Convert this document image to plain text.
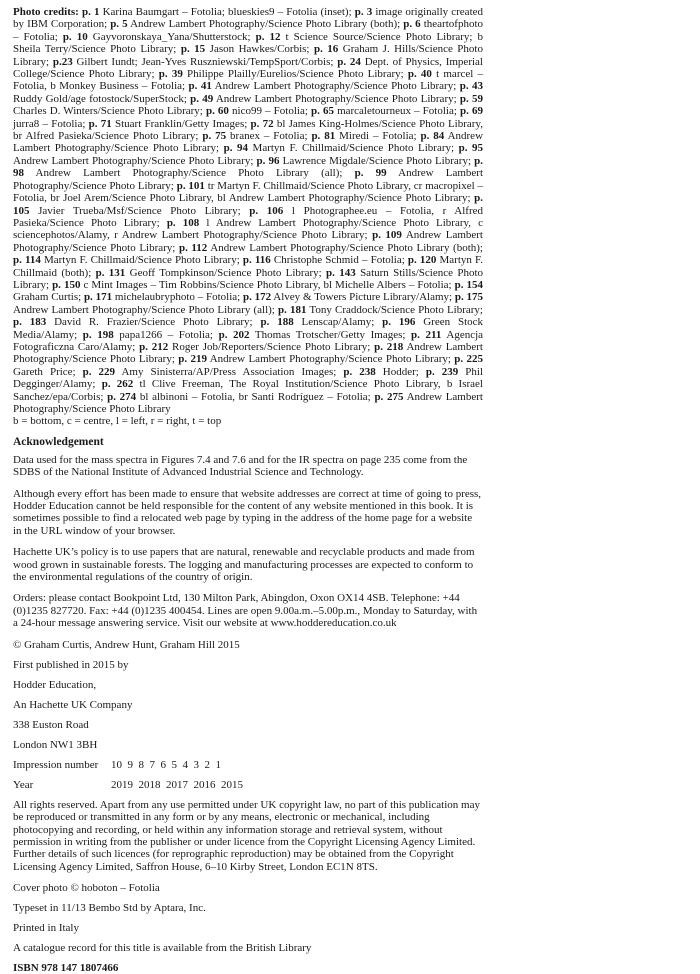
Photo credits: p. 1 Karina Baumgart – Fotolia; blueskies9 – Fotolia (inset); p. 3 image originally created by IBM Corporation; p. 5 Andrew Lambert Photography/Science Photo Library (both); p. 6 theartofphoto – Fotolia; p. 10 Gayvoronskaya_Yana/Shutterstock; p. 12 t Science Source/Science Photo Library; b Sheila Terry/Science Photo Library; p. 15 Jason Hawkes/Corbis; p. 16 Graham J. Hills/Science Photo Library; p.23 Gilbert Iundt; Jean-Yves Ruszniewski/TempSport/Corbis; p. 24 Dept. of Physics, Imperial College/Science Photo Library; p. 39 Philippe Plailly/Eurelios/Science Photo Library; p. 40 t marcel – Fotolia, b Monkey Business – Fotolia; p. 41 Andrew Lambert Photography/Science Photo Library; p. 43 Ruddy Gold/age fotostock/SuperStock; p. 49 Andrew Lambert Photography/Science Photo Library; p. 59 Charles D. Winters/Science Photo Library; p. 60 nico99 – Fotolia; p. 65 marcaletourneux – Fotolia; p. 69 jurra8 – Fotolia; p. 71 Stuart Franklin/Getty Images; p. 72 bl James King-Holmes/Science Photo Library, br Alfred Pasieka/Science Photo Library; p. 75 branex – Fotolia; p. 81 Miredi – Fotolia; p. 84 Andrew Lambert Photography/Science Photo Library; p. 94 Martyn F. Chillmaid/Science Photo Library; p. 95 Andrew Lambert Photography/Science Photo Library; p. 96 Lawrence Migdale/Science Photo Library; p. 98 Andrew Lambert Photography/Science Photo Library (all); p. 99 Andrew Lambert Photography/Science Photo Library; p. 101 tr Martyn F. Chillmaid/Science Photo Library, cr macropixel – Fotolia, br Joel Arem/Science Photo Library, bl Andrew Lambert Photography/Science Photo Library; p. 105 Javier Trueba/Msf/Science Photo Library; p. 106 l Photographee.eu – Fotolia, r Alfred Pasieka/Science Photo Library; p. 108 l Andrew Lambert Photography/Science Photo Library, c sciencephotos/Alamy, r Andrew Lambert Photography/Science Photo Library; p. 109 Andrew Lambert Photography/Science Photo Library; p. 112 Andrew Lambert Photography/Science Photo Library (both); p. 114 Martyn F. Chillmaid/Science Photo Library; p. 116 Christophe Schmid – Fotolia; p. 120 Martyn F. Chillmaid (both); p. 131 Geoff Tompkinson/Science Photo Library; p. 143 Saturn Stills/Science Photo Library; p. 150 c Mint Images – Tim Robbins/Science Photo Library, bl Michelle Albers – Fotolia; p. 154 Graham Curtis; p. 171 michelaubryphoto – Fotolia; p. 172 Alvey & Towers Picture Library/Alamy; p. 175 Andrew Lambert Photography/Science Photo Library (all); p. 181 Tony Craddock/Science Photo Library; p. 183 David R. Frazier/Science Photo Library; p. 188 Lenscap/Alamy; p. 196 Green Stock Media/Alamy; p. 198 papa1266 – Fotolia; p. 202 Thomas Trotscher/Getty Images; p. 211 Agencja Fotograficzna Caro/Alamy; p. 212 Roger Job/Reporters/Science Photo Library; p. 218 Andrew Lambert Photography/Science Photo Library; p. 219 Andrew Lambert Photography/Science Photo Library; p. 225 Gareth Price; p. 229 Amy Sinisterra/AP/Press Association Images; p. 238 Hodder; p. 239 Phil Degginger/Alamy; p. 262 tl Clive Freeman, The Royal Institution/Science Photo Library, b Israel Sanchez/epa/Corbis; p. 274 bl albinoni – Fotolia, br Santi Rodríguez – Fotolia; p. 275 Andrew Lambert Photography/Science Photo Library
b = bottom, c = centre, l = left, r = right, t = top

Acknowledgement

Data used for the mass spectra in Figures 7.4 and 7.6 and for the IR spectra on page 235 come from the SDBS of the National Institute of Advanced Industrial Science and Technology.

Although every effort has been made to ensure that website addresses are correct at time of going to press, Hodder Education cannot be held responsible for the content of any website mentioned in this book. It is sometimes possible to find a relocated web page by typing in the address of the home page for a website in the URL window of your browser.

Hachette UK’s policy is to use papers that are natural, renewable and recyclable products and made from wood grown in sustainable forests. The logging and manufacturing processes are expected to conform to the environmental regulations of the country of origin.

Orders: please contact Bookpoint Ltd, 130 Milton Park, Abingdon, Oxon OX14 4SB. Telephone: +44 (0)1235 827720. Fax: +44 (0)1235 400454. Lines are open 9.00a.m.–5.00p.m., Monday to Saturday, with a 24-hour message answering service. Visit our website at www.hoddereducation.co.uk

© Graham Curtis, Andrew Hunt, Graham Hill 2015

First published in 2015 by

Hodder Education,

An Hachette UK Company

338 Euston Road

London NW1 3BH

Impression number	10  9  8  7  6  5  4  3  2  1
Year	2019  2018  2017  2016  2015

All rights reserved. Apart from any use permitted under UK copyright law, no part of this publication may be reproduced or transmitted in any form or by any means, electronic or mechanical, including photocopying and recording, or held within any information storage and retrieval system, without permission in writing from the publisher or under licence from the Copyright Licensing Agency Limited. Further details of such licences (for reprographic reproduction) may be obtained from the Copyright Licensing Agency Limited, Saffron House, 6–10 Kirby Street, London EC1N 8TS.

Cover photo © hoboton – Fotolia

Typeset in 11/13 Bembo Std by Aptara, Inc.

Printed in Italy

A catalogue record for this title is available from the British Library

ISBN 978 147 1807466
